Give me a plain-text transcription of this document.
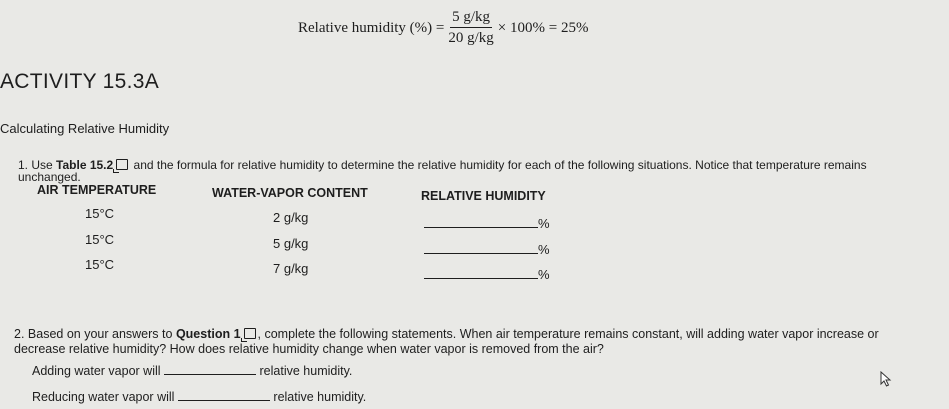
Relative humidity (%) = $\frac{5 g/kg}{20 g/kg} \times 100\% = 25\%$
ACTIVITY 15.3A
Calculating Relative Humidity
1. Use Table 15.2 and the formula for relative humidity to determine the relative humidity for each of the following situations. Notice that temperature remains unchanged.
AIR TEMPERATURE	WATER-VAPOR CONTENT	RELATIVE HUMIDITY
15°C	2 g/kg	%
15°C	5 g/kg	%
15°C	7 g/kg	%
2. Based on your answers to Question 1 , complete the following statements. When air temperature remains constant, will adding water vapor increase or decrease relative humidity? How does relative humidity change when water vapor is removed from the air?
Adding water vapor will	relative humidity.
Reducing water vapor will	relative humidity.
